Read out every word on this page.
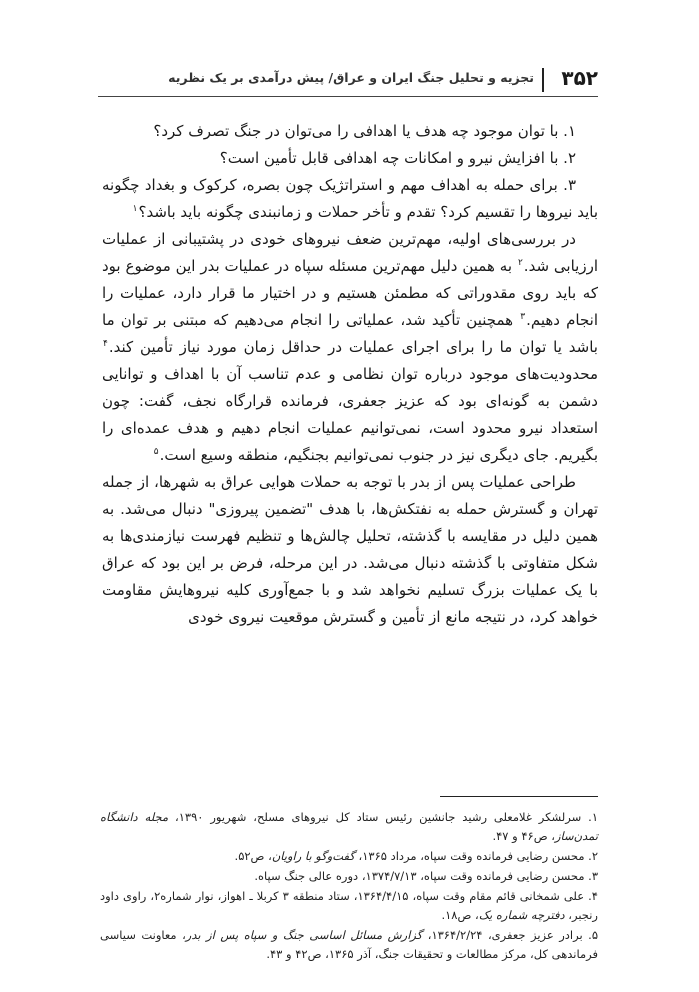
۳۵۲
تجزیه و تحلیل جنگ ایران و عراق/ پیش درآمدی بر یک نظریه

۱. با توان موجود چه هدف یا اهدافی را می‌توان در جنگ تصرف کرد؟

۲. با افزایش نیرو و امکانات چه اهدافی قابل تأمین است؟

۳. برای حمله به اهداف مهم و استراتژیک چون بصره، کرکوک و بغداد چگونه باید نیروها را تقسیم کرد؟ تقدم و تأخر حملات و زمانبندی چگونه باید باشد؟$^۱$

در بررسی‌های اولیه، مهم‌ترین ضعف نیروهای خودی در پشتیبانی از عملیات ارزیابی شد.$^۲$ به همین دلیل مهم‌ترین مسئله سپاه در عملیات بدر این موضوع بود که باید روی مقدوراتی که مطمئن هستیم و در اختیار ما قرار دارد، عملیات را انجام دهیم.$^۳$ همچنین تأکید شد، عملیاتی را انجام می‌دهیم که مبتنی بر توان ما باشد یا توان ما را برای اجرای عملیات در حداقل زمان مورد نیاز تأمین کند.$^۴$ محدودیت‌های موجود درباره توان نظامی و عدم تناسب آن با اهداف و توانایی دشمن به گونه‌ای بود که عزیز جعفری، فرمانده قرارگاه نجف، گفت: چون استعداد نیرو محدود است، نمی‌توانیم عملیات انجام دهیم و هدف عمده‌ای را بگیریم. جای دیگری نیز در جنوب نمی‌توانیم بجنگیم، منطقه وسیع است.$^۵$

طراحی عملیات پس از بدر با توجه به حملات هوایی عراق به شهرها، از جمله تهران و گسترش حمله به نفتکش‌ها، با هدف "تضمین پیروزی" دنبال می‌شد. به همین دلیل در مقایسه با گذشته، تحلیل چالش‌ها و تنظیم فهرست نیازمندی‌ها به شکل متفاوتی با گذشته دنبال می‌شد. در این مرحله، فرض بر این بود که عراق با یک عملیات بزرگ تسلیم نخواهد شد و با جمع‌آوری کلیه نیروهایش مقاومت خواهد کرد، در نتیجه مانع از تأمین و گسترش موقعیت نیروی خودی

۱. سرلشکر غلامعلی رشید جانشین رئیس ستاد کل نیروهای مسلح، شهریور ۱۳۹۰، مجله دانشگاه تمدن‌ساز، ص۴۶ و ۴۷.

۲. محسن رضایی فرمانده وقت سپاه، مرداد ۱۳۶۵، گفت‌وگو با راویان، ص۵۲.

۳. محسن رضایی فرمانده وقت سپاه، ۱۳۷۴/۷/۱۳، دوره عالی جنگ سپاه.

۴. علی شمخانی قائم مقام وقت سپاه، ۱۳۶۴/۴/۱۵، ستاد منطقه ۳ کربلا ـ اهواز، نوار شماره۲، راوی داود رنجبر، دفترچه شماره یک، ص۱۸.

۵. برادر عزیز جعفری، ۱۳۶۴/۲/۲۴، گزارش مسائل اساسی جنگ و سپاه پس از بدر، معاونت سیاسی فرماندهی کل، مرکز مطالعات و تحقیقات جنگ، آذر ۱۳۶۵، ص۴۲ و ۴۳.
